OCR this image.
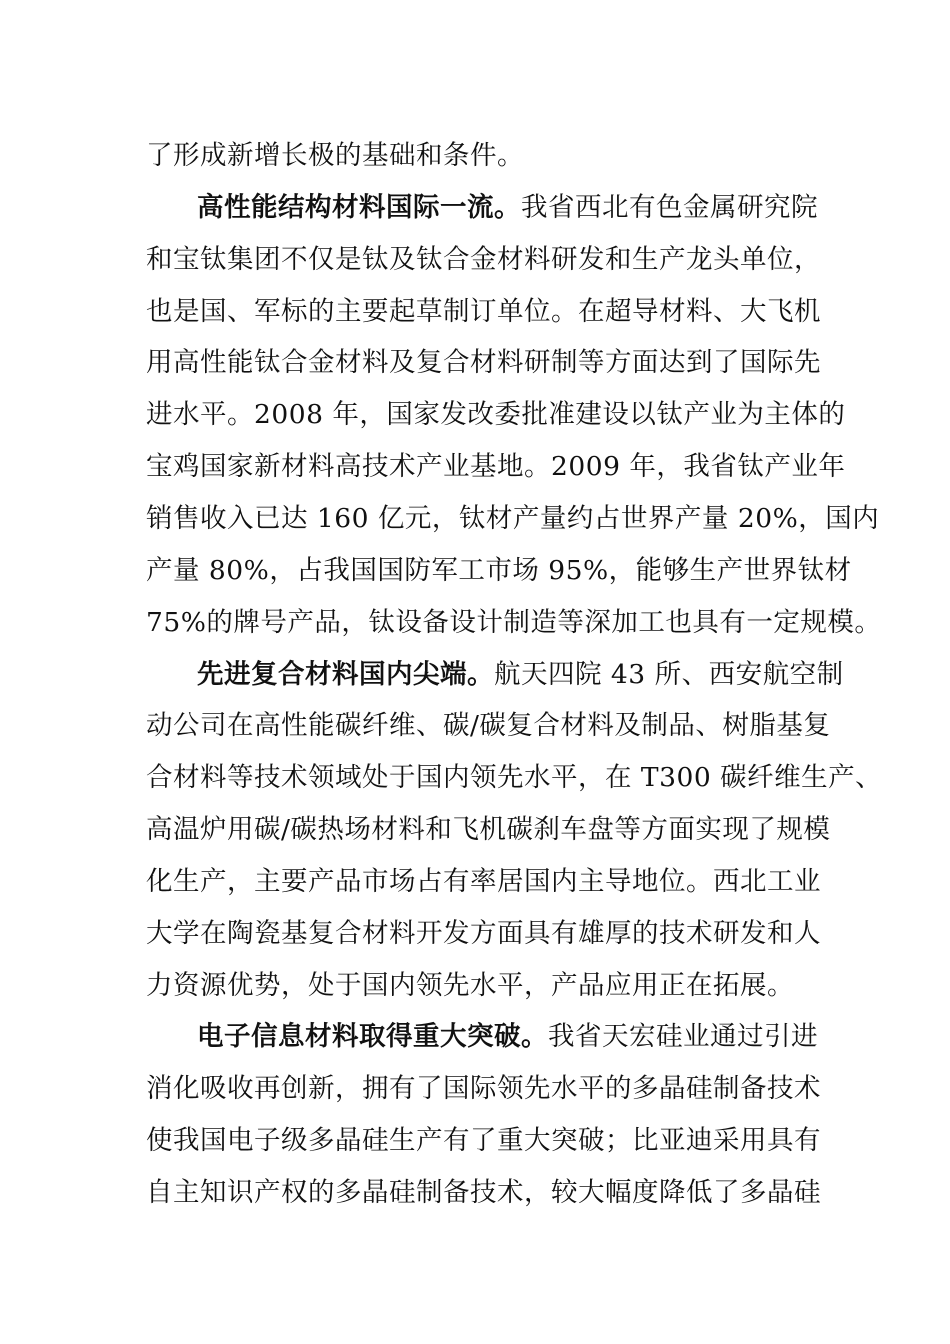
了形成新增长极的基础和条件。
高性能结构材料国际一流。我省西北有色金属研究院
和宝钛集团不仅是钛及钛合金材料研发和生产龙头单位，
也是国、军标的主要起草制订单位。在超导材料、大飞机
用高性能钛合金材料及复合材料研制等方面达到了国际先
进水平。2008 年，国家发改委批准建设以钛产业为主体的
宝鸡国家新材料高技术产业基地。2009 年，我省钛产业年
销售收入已达 160 亿元，钛材产量约占世界产量 20%，国内
产量 80%，占我国国防军工市场 95%，能够生产世界钛材
75%的牌号产品，钛设备设计制造等深加工也具有一定规模。
先进复合材料国内尖端。航天四院 43 所、西安航空制
动公司在高性能碳纤维、碳/碳复合材料及制品、树脂基复
合材料等技术领域处于国内领先水平，在 T300 碳纤维生产、
高温炉用碳/碳热场材料和飞机碳刹车盘等方面实现了规模
化生产，主要产品市场占有率居国内主导地位。西北工业
大学在陶瓷基复合材料开发方面具有雄厚的技术研发和人
力资源优势，处于国内领先水平，产品应用正在拓展。
电子信息材料取得重大突破。我省天宏硅业通过引进
消化吸收再创新，拥有了国际领先水平的多晶硅制备技术
使我国电子级多晶硅生产有了重大突破；比亚迪采用具有
自主知识产权的多晶硅制备技术，较大幅度降低了多晶硅
